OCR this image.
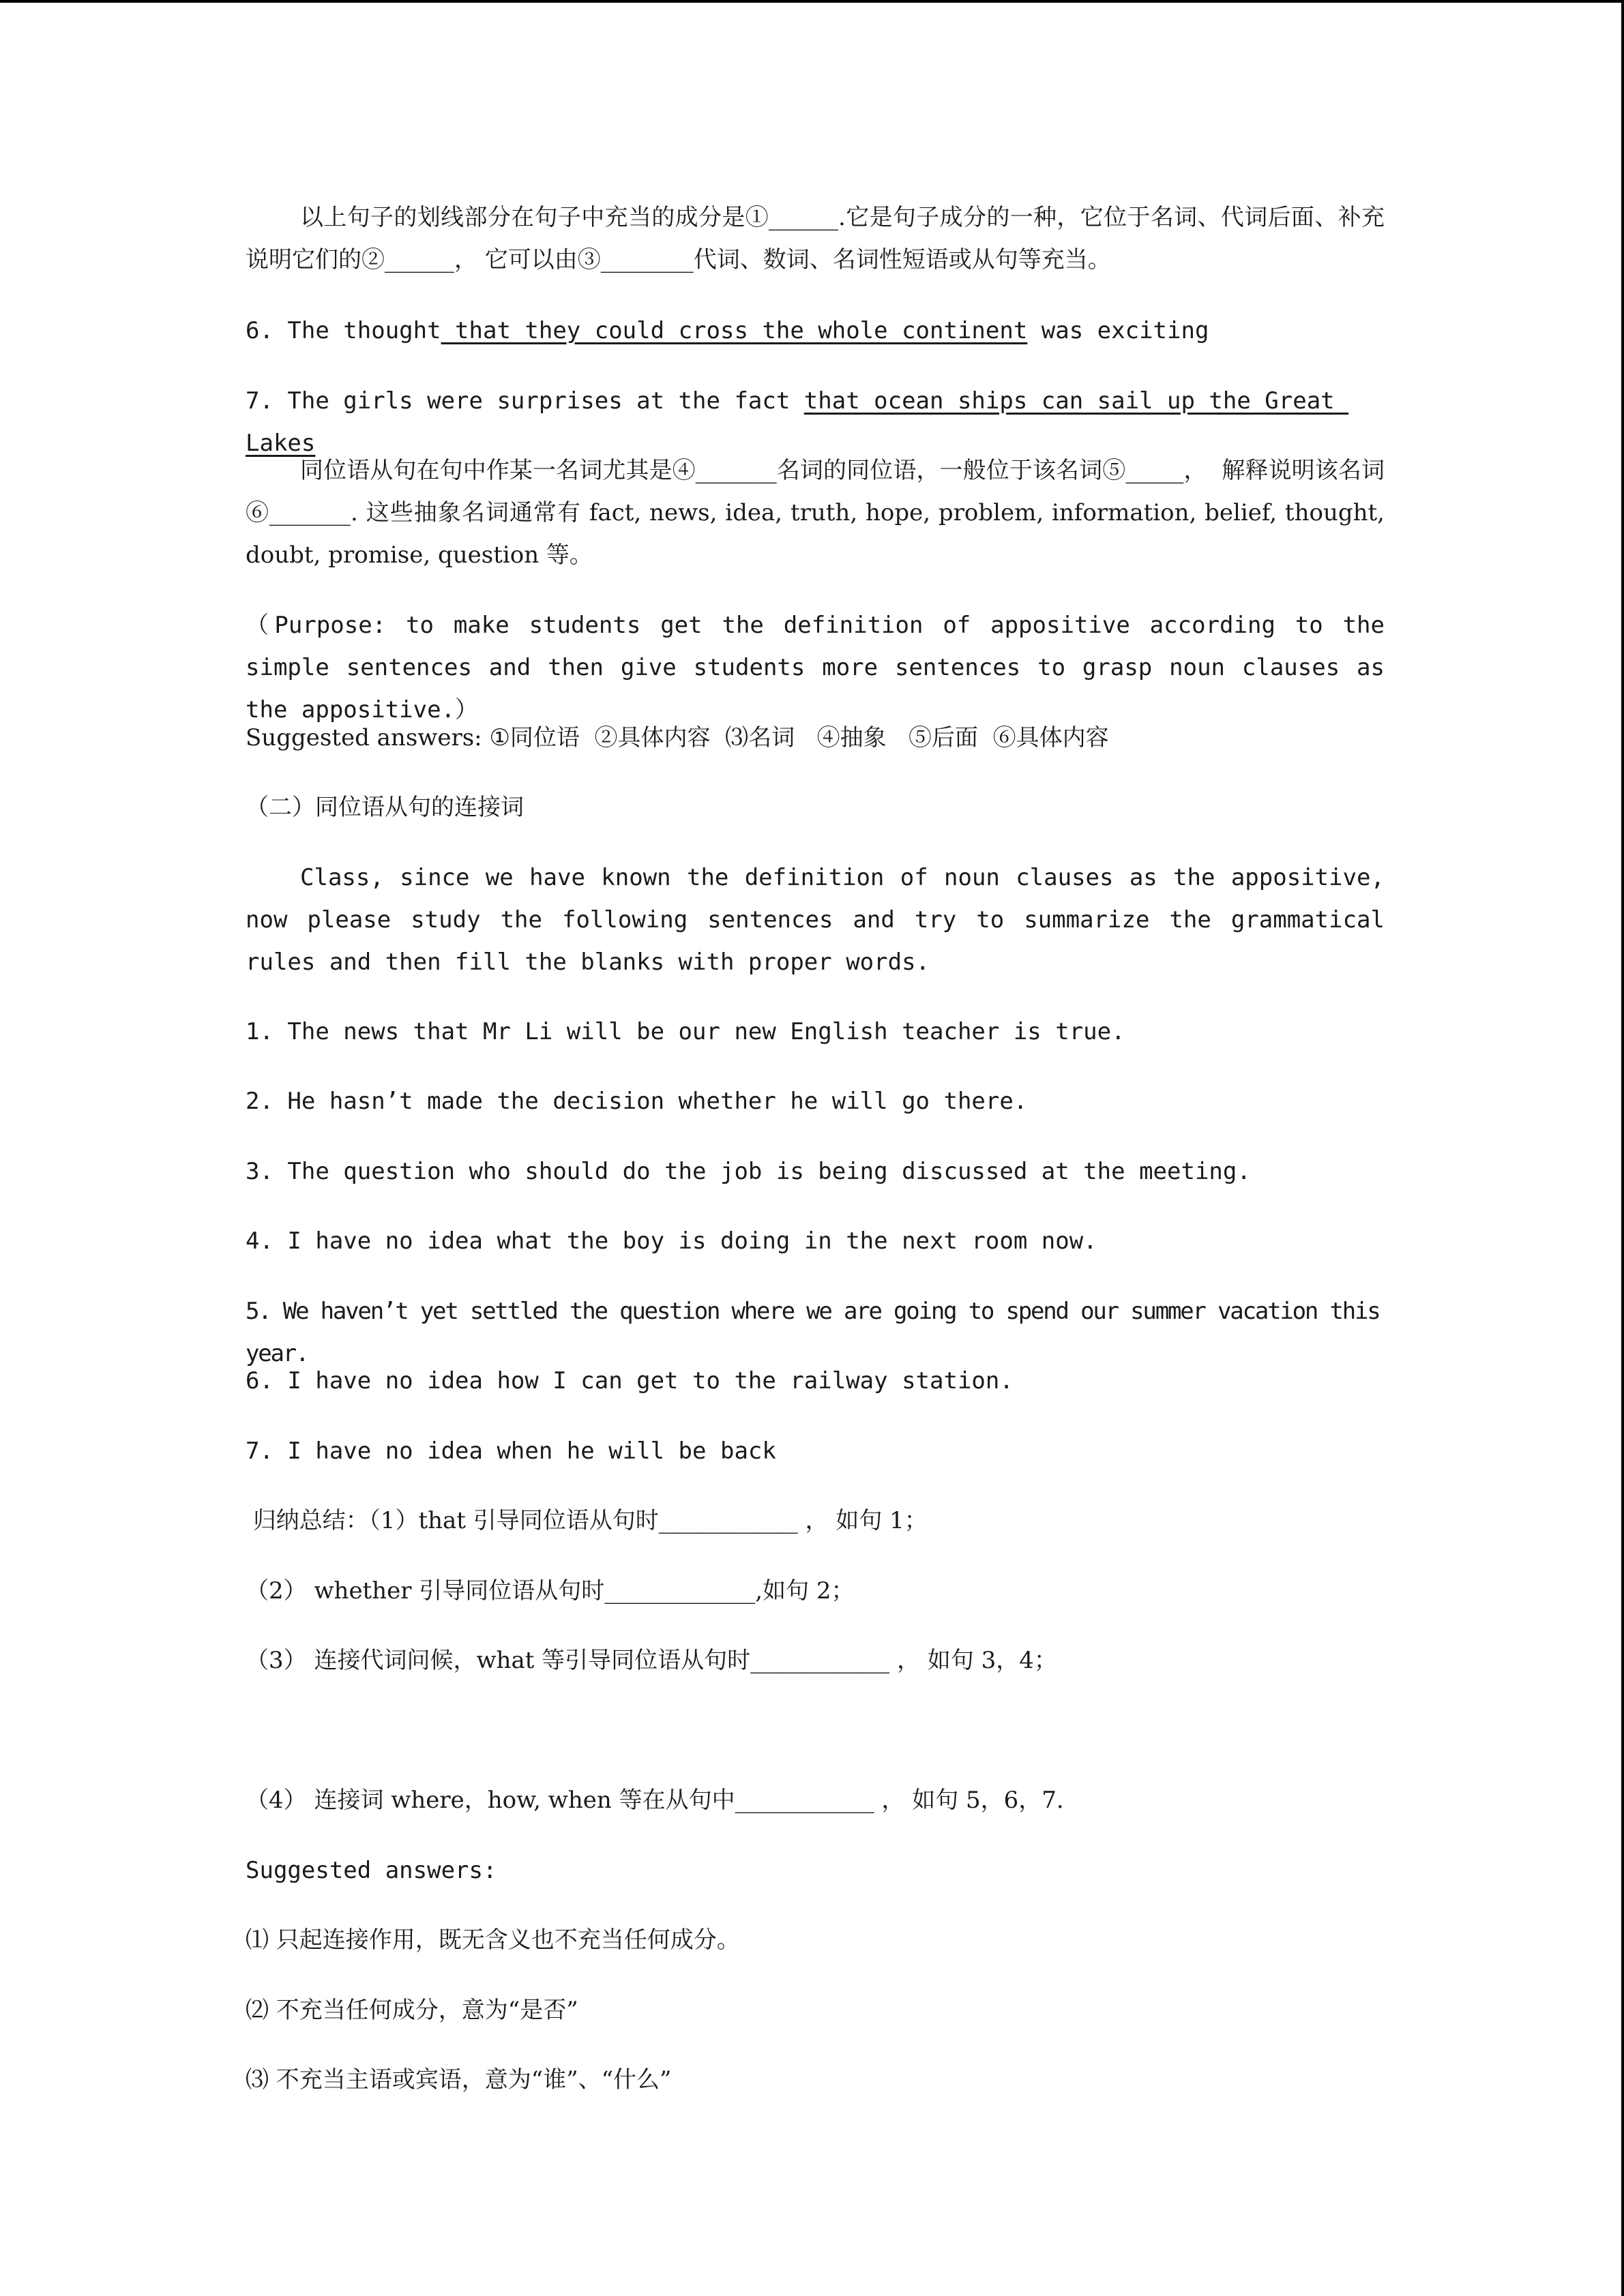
以上句子的划线部分在句子中充当的成分是①______.它是句子成分的一种，它位于名词、代词后面、补充说明它们的②______， 它可以由③________代词、数词、名词性短语或从句等充当。
6. The thought that they could cross the whole continent was exciting
7. The girls were surprises at the fact that ocean ships can sail up the Great Lakes
同位语从句在句中作某一名词尤其是④_______名词的同位语，一般位于该名词⑤_____，  解释说明该名词⑥_______. 这些抽象名词通常有 fact, news, idea, truth, hope, problem, information, belief, thought, doubt, promise, question 等。
（Purpose: to make students get the definition of appositive according to the simple sentences and then give students more sentences to grasp noun clauses as the appositive.）
Suggested answers: ①同位语  ②具体内容  ⑶名词   ④抽象   ⑤后面  ⑥具体内容
（二）同位语从句的连接词
Class, since we have known the definition of noun clauses as the appositive, now please study the following sentences and try to summarize the grammatical rules and then fill the blanks with proper words.
1. The news that Mr Li will be our new English teacher is true.
2. He hasn’t made the decision whether he will go there.
3. The question who should do the job is being discussed at the meeting.
4. I have no idea what the boy is doing in the next room now.
5. We haven’t yet settled the question where we are going to spend our summer vacation this year.
6. I have no idea how I can get to the railway station.
7. I have no idea when he will be back
归纳总结：（1）that 引导同位语从句时____________ ， 如句 1；
（2） whether 引导同位语从句时_____________,如句 2；
（3） 连接代词问候，what 等引导同位语从句时____________ ， 如句 3，4；
（4） 连接词 where，how, when 等在从句中____________ ， 如句 5，6，7.
Suggested answers:
⑴ 只起连接作用，既无含义也不充当任何成分。
⑵ 不充当任何成分，意为“是否”
⑶ 不充当主语或宾语，意为“谁”、“什么”
